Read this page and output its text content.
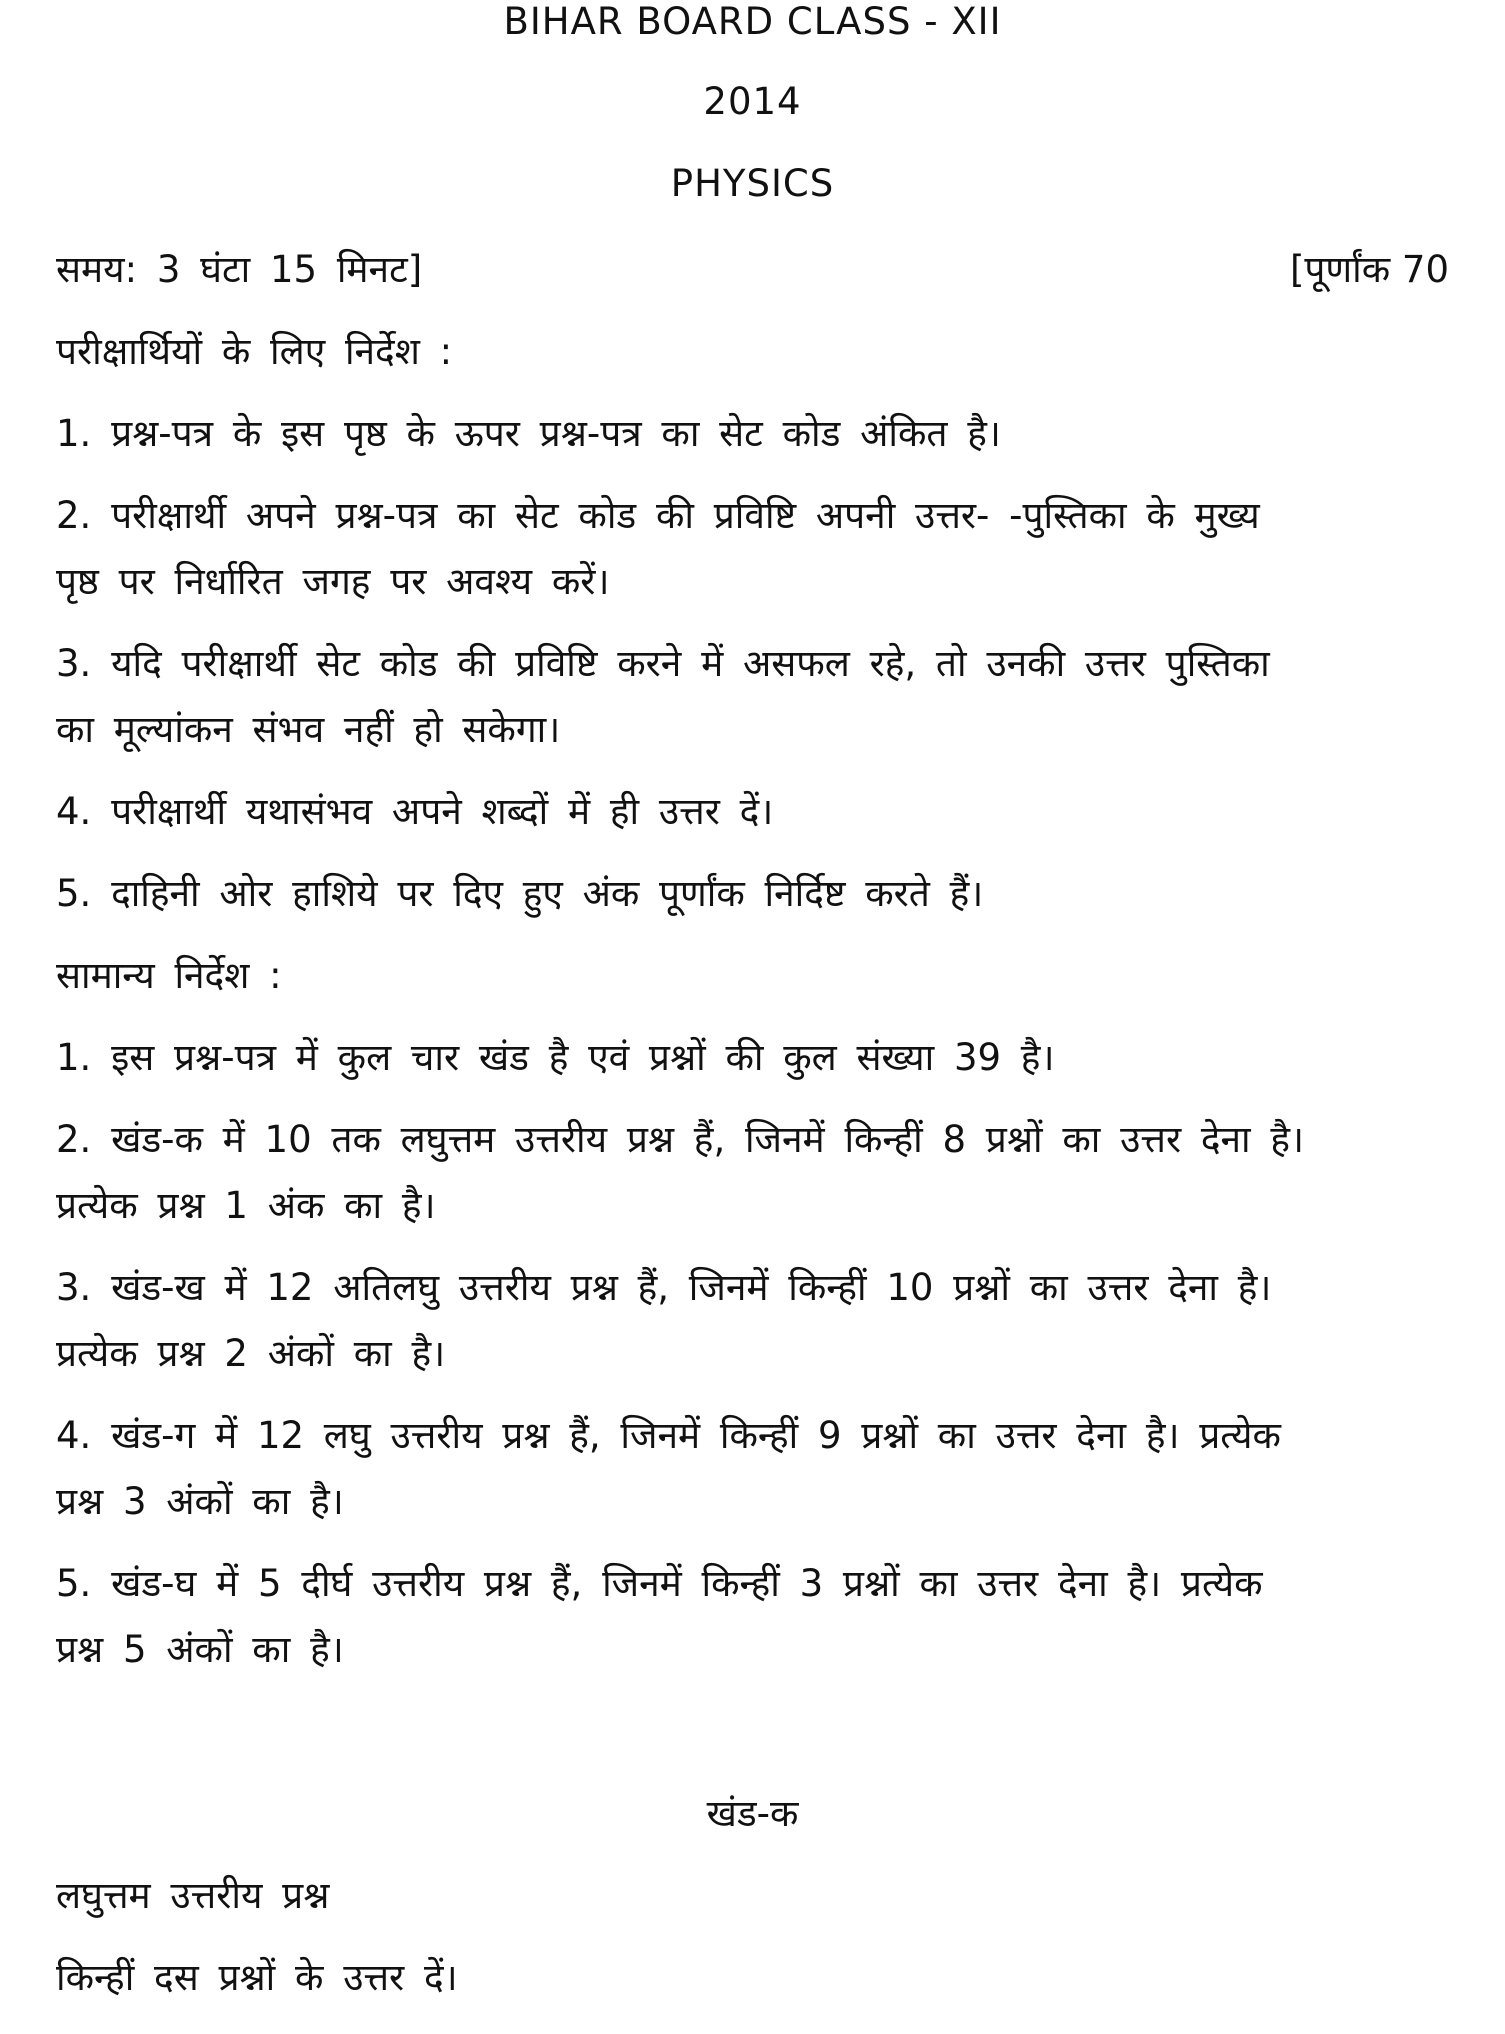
BIHAR BOARD CLASS - XII
2014
PHYSICS
समय: 3 घंटा 15 मिनट]	[पूर्णांक 70
परीक्षार्थियों के लिए निर्देश :
1. प्रश्न-पत्र के इस पृष्ठ के ऊपर प्रश्न-पत्र का सेट कोड अंकित है।
2. परीक्षार्थी अपने प्रश्न-पत्र का सेट कोड की प्रविष्टि अपनी उत्तर- -पुस्तिका के मुख्य
पृष्ठ पर निर्धारित जगह पर अवश्य करें।
3. यदि परीक्षार्थी सेट कोड की प्रविष्टि करने में असफल रहे, तो उनकी उत्तर पुस्तिका
का मूल्यांकन संभव नहीं हो सकेगा।
4. परीक्षार्थी यथासंभव अपने शब्दों में ही उत्तर दें।
5. दाहिनी ओर हाशिये पर दिए हुए अंक पूर्णांक निर्दिष्ट करते हैं।
सामान्य निर्देश :
1. इस प्रश्न-पत्र में कुल चार खंड है एवं प्रश्नों की कुल संख्या 39 है।
2. खंड-क में 10 तक लघुत्तम उत्तरीय प्रश्न हैं, जिनमें किन्हीं 8 प्रश्नों का उत्तर देना है।
प्रत्येक प्रश्न 1 अंक का है।
3. खंड-ख में 12 अतिलघु उत्तरीय प्रश्न हैं, जिनमें किन्हीं 10 प्रश्नों का उत्तर देना है।
प्रत्येक प्रश्न 2 अंकों का है।
4. खंड-ग में 12 लघु उत्तरीय प्रश्न हैं, जिनमें किन्हीं 9 प्रश्नों का उत्तर देना है। प्रत्येक
प्रश्न 3 अंकों का है।
5. खंड-घ में 5 दीर्घ उत्तरीय प्रश्न हैं, जिनमें किन्हीं 3 प्रश्नों का उत्तर देना है। प्रत्येक
प्रश्न 5 अंकों का है।
खंड-क
लघुत्तम उत्तरीय प्रश्न
किन्हीं दस प्रश्नों के उत्तर दें।
